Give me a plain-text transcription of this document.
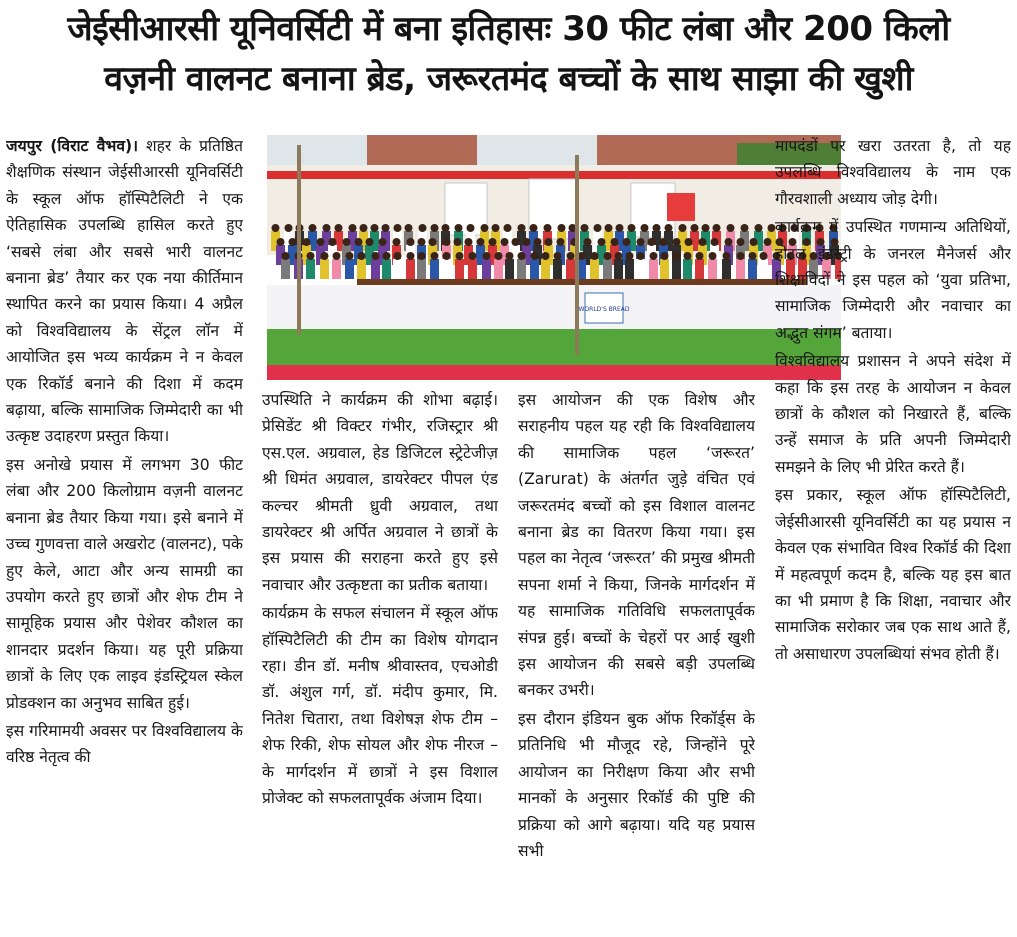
जेईसीआरसी यूनिवर्सिटी में बना इतिहासः 30 फीट लंबा और 200 किलो
वज़नी वालनट बनाना ब्रेड, जरूरतमंद बच्चों के साथ साझा की खुशी

जयपुर (विराट वैभव)। शहर के प्रतिष्ठित शैक्षणिक संस्थान जेईसीआरसी यूनिवर्सिटी के स्कूल ऑफ हॉस्पिटैलिटी ने एक ऐतिहासिक उपलब्धि हासिल करते हुए ‘सबसे लंबा और सबसे भारी वालनट बनाना ब्रेड’ तैयार कर एक नया कीर्तिमान स्थापित करने का प्रयास किया। 4 अप्रैल को विश्वविद्यालय के सेंट्रल लॉन में आयोजित इस भव्य कार्यक्रम ने न केवल एक रिकॉर्ड बनाने की दिशा में कदम बढ़ाया, बल्कि सामाजिक जिम्मेदारी का भी उत्कृष्ट उदाहरण प्रस्तुत किया।

इस अनोखे प्रयास में लगभग 30 फीट लंबा और 200 किलोग्राम वज़नी वालनट बनाना ब्रेड तैयार किया गया। इसे बनाने में उच्च गुणवत्ता वाले अखरोट (वालनट), पके हुए केले, आटा और अन्य सामग्री का उपयोग करते हुए छात्रों और शेफ टीम ने सामूहिक प्रयास और पेशेवर कौशल का शानदार प्रदर्शन किया। यह पूरी प्रक्रिया छात्रों के लिए एक लाइव इंडस्ट्रियल स्केल प्रोडक्शन का अनुभव साबित हुई।

इस गरिमामयी अवसर पर विश्वविद्यालय के वरिष्ठ नेतृत्व की

WORLD'S BREAD

उपस्थिति ने कार्यक्रम की शोभा बढ़ाई। प्रेसिडेंट श्री विक्टर गंभीर, रजिस्ट्रार श्री एस.एल. अग्रवाल, हेड डिजिटल स्ट्रेटेजीज़ श्री धिमंत अग्रवाल, डायरेक्टर पीपल एंड कल्चर श्रीमती ध्रुवी अग्रवाल, तथा डायरेक्टर श्री अर्पित अग्रवाल ने छात्रों के इस प्रयास की सराहना करते हुए इसे नवाचार और उत्कृष्टता का प्रतीक बताया।

कार्यक्रम के सफल संचालन में स्कूल ऑफ हॉस्पिटैलिटी की टीम का विशेष योगदान रहा। डीन डॉ. मनीष श्रीवास्तव, एचओडी डॉ. अंशुल गर्ग, डॉ. मंदीप कुमार, मि. नितेश चितारा, तथा विशेषज्ञ शेफ टीम – शेफ रिकी, शेफ सोयल और शेफ नीरज – के मार्गदर्शन में छात्रों ने इस विशाल प्रोजेक्ट को सफलतापूर्वक अंजाम दिया।

इस आयोजन की एक विशेष और सराहनीय पहल यह रही कि विश्वविद्यालय की सामाजिक पहल ‘जरूरत’ (Zarurat) के अंतर्गत जुड़े वंचित एवं जरूरतमंद बच्चों को इस विशाल वालनट बनाना ब्रेड का वितरण किया गया। इस पहल का नेतृत्व ‘जरूरत’ की प्रमुख श्रीमती सपना शर्मा ने किया, जिनके मार्गदर्शन में यह सामाजिक गतिविधि सफलतापूर्वक संपन्न हुई। बच्चों के चेहरों पर आई खुशी इस आयोजन की सबसे बड़ी उपलब्धि बनकर उभरी।

इस दौरान इंडियन बुक ऑफ रिकॉर्ड्स के प्रतिनिधि भी मौजूद रहे, जिन्होंने पूरे आयोजन का निरीक्षण किया और सभी मानकों के अनुसार रिकॉर्ड की पुष्टि की प्रक्रिया को आगे बढ़ाया। यदि यह प्रयास सभी

मापदंडों पर खरा उतरता है, तो यह उपलब्धि विश्वविद्यालय के नाम एक गौरवशाली अध्याय जोड़ देगी।

कार्यक्रम में उपस्थित गणमान्य अतिथियों, होटल इंडस्ट्री के जनरल मैनेजर्स और शिक्षाविदों ने इस पहल को ‘युवा प्रतिभा, सामाजिक जिम्मेदारी और नवाचार का अद्भुत संगम’ बताया।

विश्वविद्यालय प्रशासन ने अपने संदेश में कहा कि इस तरह के आयोजन न केवल छात्रों के कौशल को निखारते हैं, बल्कि उन्हें समाज के प्रति अपनी जिम्मेदारी समझने के लिए भी प्रेरित करते हैं।

इस प्रकार, स्कूल ऑफ हॉस्पिटैलिटी, जेईसीआरसी यूनिवर्सिटी का यह प्रयास न केवल एक संभावित विश्व रिकॉर्ड की दिशा में महत्वपूर्ण कदम है, बल्कि यह इस बात का भी प्रमाण है कि शिक्षा, नवाचार और सामाजिक सरोकार जब एक साथ आते हैं, तो असाधारण उपलब्धियां संभव होती हैं।
